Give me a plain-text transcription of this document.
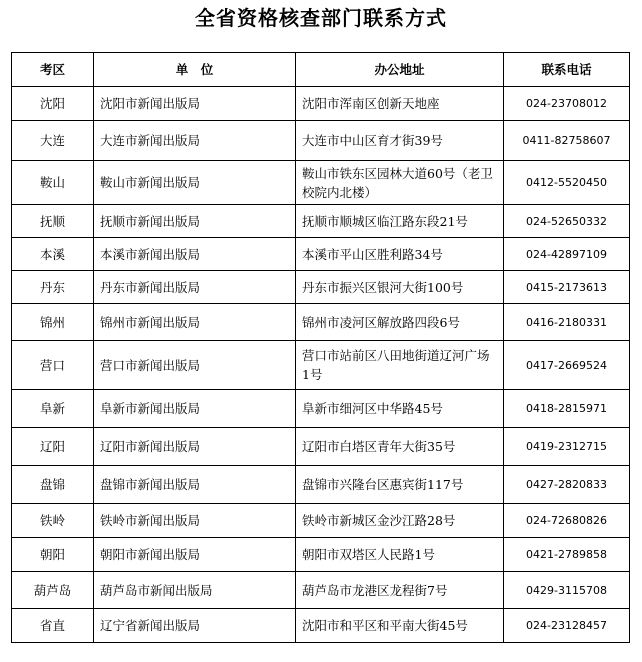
全省资格核查部门联系方式
考区	单　位	办公地址	联系电话
沈阳	沈阳市新闻出版局	沈阳市浑南区创新天地座	024-23708012
大连	大连市新闻出版局	大连市中山区育才街39号	0411-82758607
鞍山	鞍山市新闻出版局	鞍山市铁东区园林大道60号（老卫校院内北楼）	0412-5520450
抚顺	抚顺市新闻出版局	抚顺市顺城区临江路东段21号	024-52650332
本溪	本溪市新闻出版局	本溪市平山区胜利路34号	024-42897109
丹东	丹东市新闻出版局	丹东市振兴区银河大街100号	0415-2173613
锦州	锦州市新闻出版局	锦州市凌河区解放路四段6号	0416-2180331
营口	营口市新闻出版局	营口市站前区八田地街道辽河广场1号	0417-2669524
阜新	阜新市新闻出版局	阜新市细河区中华路45号	0418-2815971
辽阳	辽阳市新闻出版局	辽阳市白塔区青年大街35号	0419-2312715
盘锦	盘锦市新闻出版局	盘锦市兴隆台区惠宾街117号	0427-2820833
铁岭	铁岭市新闻出版局	铁岭市新城区金沙江路28号	024-72680826
朝阳	朝阳市新闻出版局	朝阳市双塔区人民路1号	0421-2789858
葫芦岛	葫芦岛市新闻出版局	葫芦岛市龙港区龙程街7号	0429-3115708
省直	辽宁省新闻出版局	沈阳市和平区和平南大街45号	024-23128457
